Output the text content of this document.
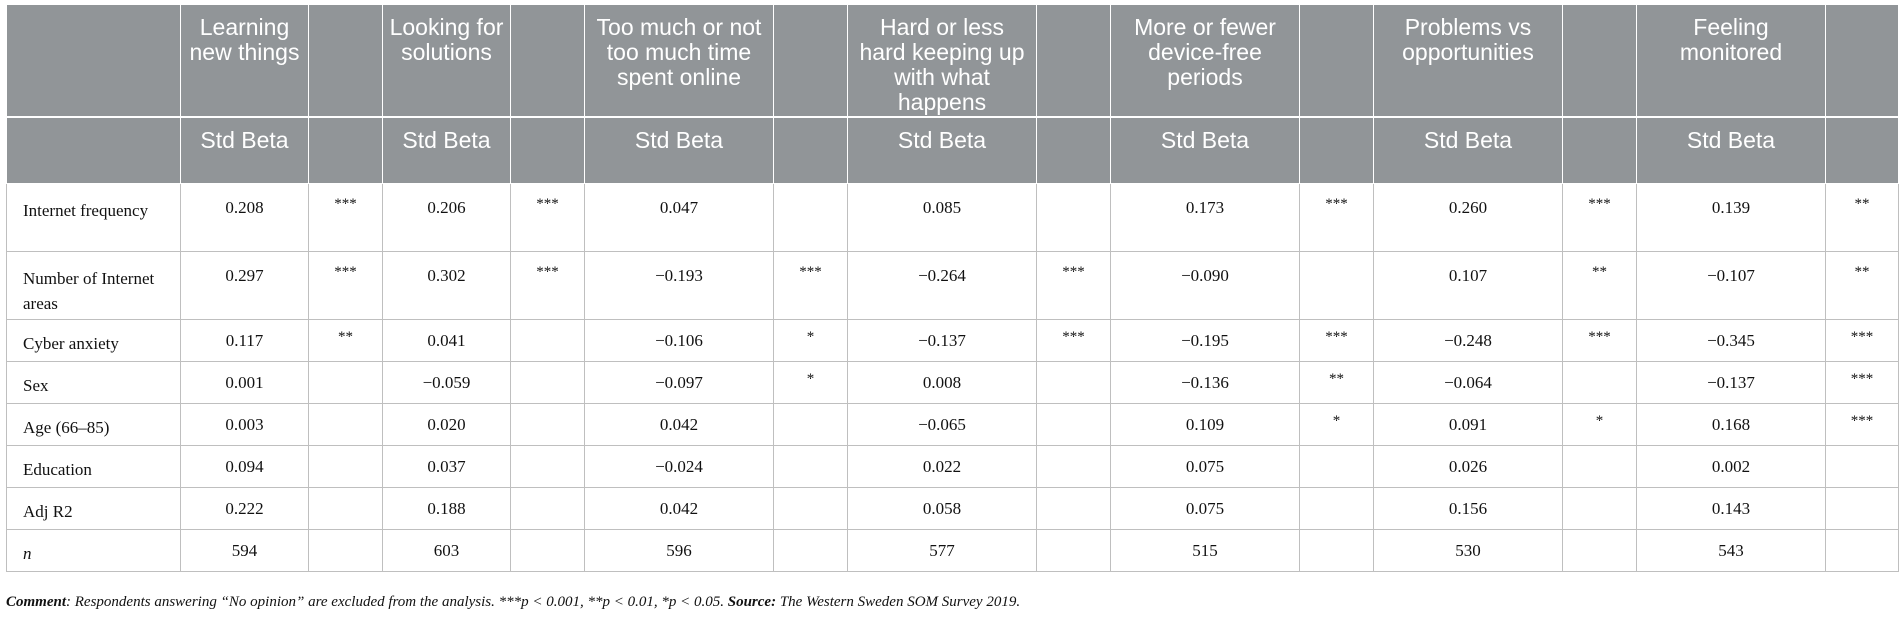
	Learning new things		Looking for solutions		Too much or not too much time spent online		Hard or less hard keeping up with what happens		More or fewer device-free periods		Problems vs opportunities		Feeling monitored	
	Std Beta		Std Beta		Std Beta		Std Beta		Std Beta		Std Beta		Std Beta	
Internet frequency	0.208	***	0.206	***	0.047		0.085		0.173	***	0.260	***	0.139	**
Number of Internet areas	0.297	***	0.302	***	−0.193	***	−0.264	***	−0.090		0.107	**	−0.107	**
Cyber anxiety	0.117	**	0.041		−0.106	*	−0.137	***	−0.195	***	−0.248	***	−0.345	***
Sex	0.001		−0.059		−0.097	*	0.008		−0.136	**	−0.064		−0.137	***
Age (66–85)	0.003		0.020		0.042		−0.065		0.109	*	0.091	*	0.168	***
Education	0.094		0.037		−0.024		0.022		0.075		0.026		0.002	
Adj R2	0.222		0.188		0.042		0.058		0.075		0.156		0.143	
n	594		603		596		577		515		530		543	
Comment: Respondents answering “No opinion” are excluded from the analysis. ***p < 0.001, **p < 0.01, *p < 0.05. Source: The Western Sweden SOM Survey 2019.
